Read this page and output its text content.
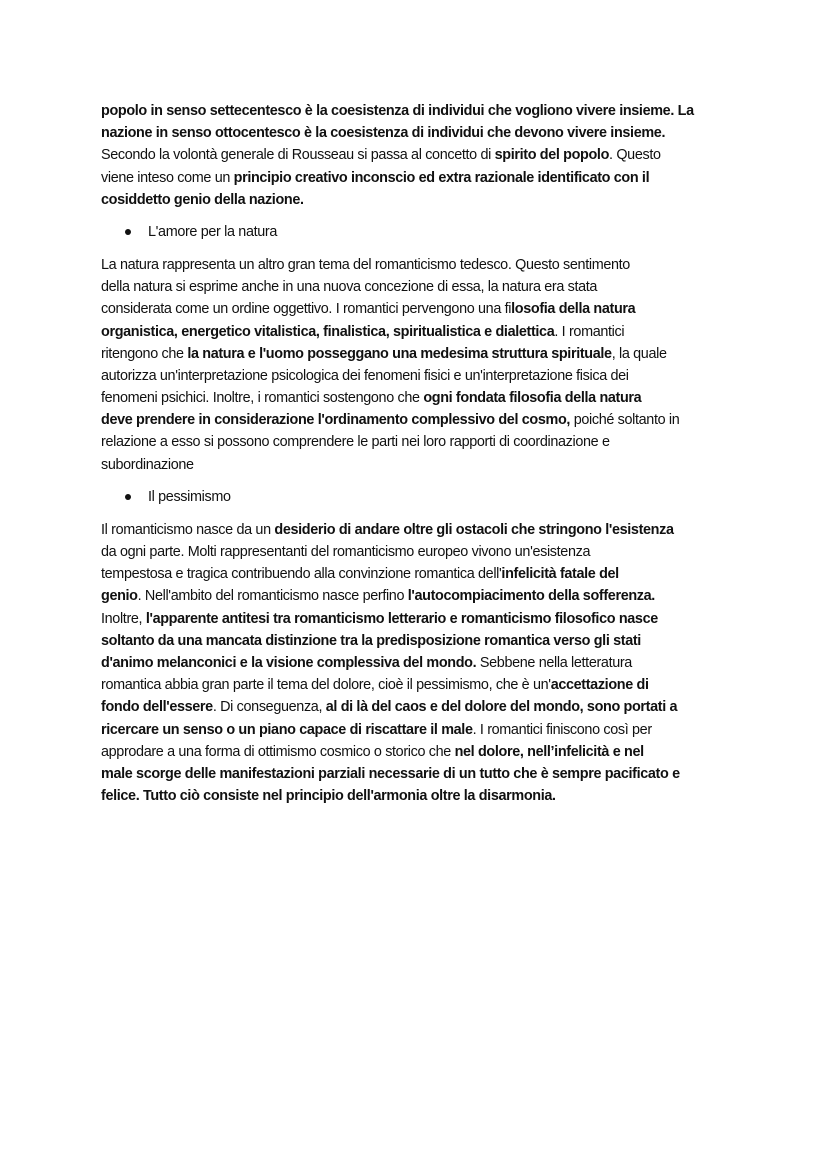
popolo in senso settecentesco è la coesistenza di individui che vogliono vivere insieme. La
nazione in senso ottocentesco è la coesistenza di individui che devono vivere insieme.
Secondo la volontà generale di Rousseau si passa al concetto di spirito del popolo. Questo
viene inteso come un principio creativo inconscio ed extra razionale identificato con il
cosiddetto genio della nazione.
L'amore per la natura
La natura rappresenta un altro gran tema del romanticismo tedesco. Questo sentimento
della natura si esprime anche in una nuova concezione di essa, la natura era stata
considerata come un ordine oggettivo. I romantici pervengono una filosofia della natura
organistica, energetico vitalistica, finalistica, spiritualistica e dialettica. I romantici
ritengono che la natura e l'uomo posseggano una medesima struttura spirituale, la quale
autorizza un'interpretazione psicologica dei fenomeni fisici e un'interpretazione fisica dei
fenomeni psichici. Inoltre, i romantici sostengono che ogni fondata filosofia della natura
deve prendere in considerazione l'ordinamento complessivo del cosmo, poiché soltanto in
relazione a esso si possono comprendere le parti nei loro rapporti di coordinazione e
subordinazione
Il pessimismo
Il romanticismo nasce da un desiderio di andare oltre gli ostacoli che stringono l'esistenza
da ogni parte. Molti rappresentanti del romanticismo europeo vivono un'esistenza
tempestosa e tragica contribuendo alla convinzione romantica dell'infelicità fatale del
genio. Nell'ambito del romanticismo nasce perfino l'autocompiacimento della sofferenza.
Inoltre, l'apparente antitesi tra romanticismo letterario e romanticismo filosofico nasce
soltanto da una mancata distinzione tra la predisposizione romantica verso gli stati
d'animo melanconici e la visione complessiva del mondo. Sebbene nella letteratura
romantica abbia gran parte il tema del dolore, cioè il pessimismo, che è un'accettazione di
fondo dell'essere. Di conseguenza, al di là del caos e del dolore del mondo, sono portati a
ricercare un senso o un piano capace di riscattare il male. I romantici finiscono così per
approdare a una forma di ottimismo cosmico o storico che nel dolore, nell’infelicità e nel
male scorge delle manifestazioni parziali necessarie di un tutto che è sempre pacificato e
felice. Tutto ciò consiste nel principio dell'armonia oltre la disarmonia.
